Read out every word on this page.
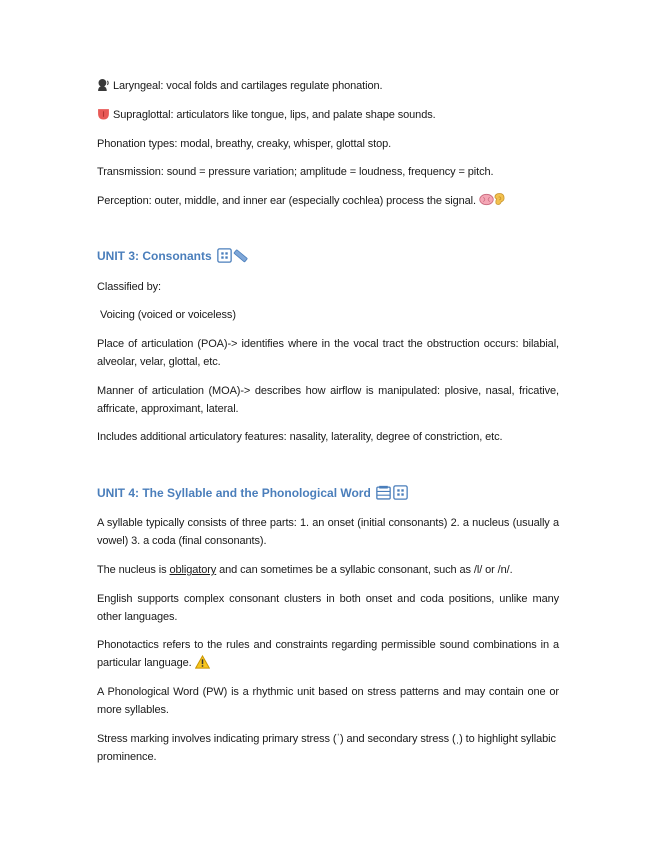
Laryngeal: vocal folds and cartilages regulate phonation.

Supraglottal: articulators like tongue, lips, and palate shape sounds.

Phonation types: modal, breathy, creaky, whisper, glottal stop.

Transmission: sound = pressure variation; amplitude = loudness, frequency = pitch.

Perception: outer, middle, and inner ear (especially cochlea) process the signal.

UNIT 3: Consonants

Classified by:

Voicing (voiced or voiceless)

Place of articulation (POA)-> identifies where in the vocal tract the obstruction occurs: bilabial, alveolar, velar, glottal, etc.

Manner of articulation (MOA)-> describes how airflow is manipulated: plosive, nasal, fricative, affricate, approximant, lateral.

Includes additional articulatory features: nasality, laterality, degree of constriction, etc.

UNIT 4: The Syllable and the Phonological Word

A syllable typically consists of three parts: 1. an onset (initial consonants) 2. a nucleus (usually a vowel) 3. a coda (final consonants).

The nucleus is obligatory and can sometimes be a syllabic consonant, such as /l/ or /n/.

English supports complex consonant clusters in both onset and coda positions, unlike many other languages.

Phonotactics refers to the rules and constraints regarding permissible sound combinations in a particular language.

A Phonological Word (PW) is a rhythmic unit based on stress patterns and may contain one or more syllables.

Stress marking involves indicating primary stress (ˈ) and secondary stress (ˌ) to highlight syllabic prominence.
